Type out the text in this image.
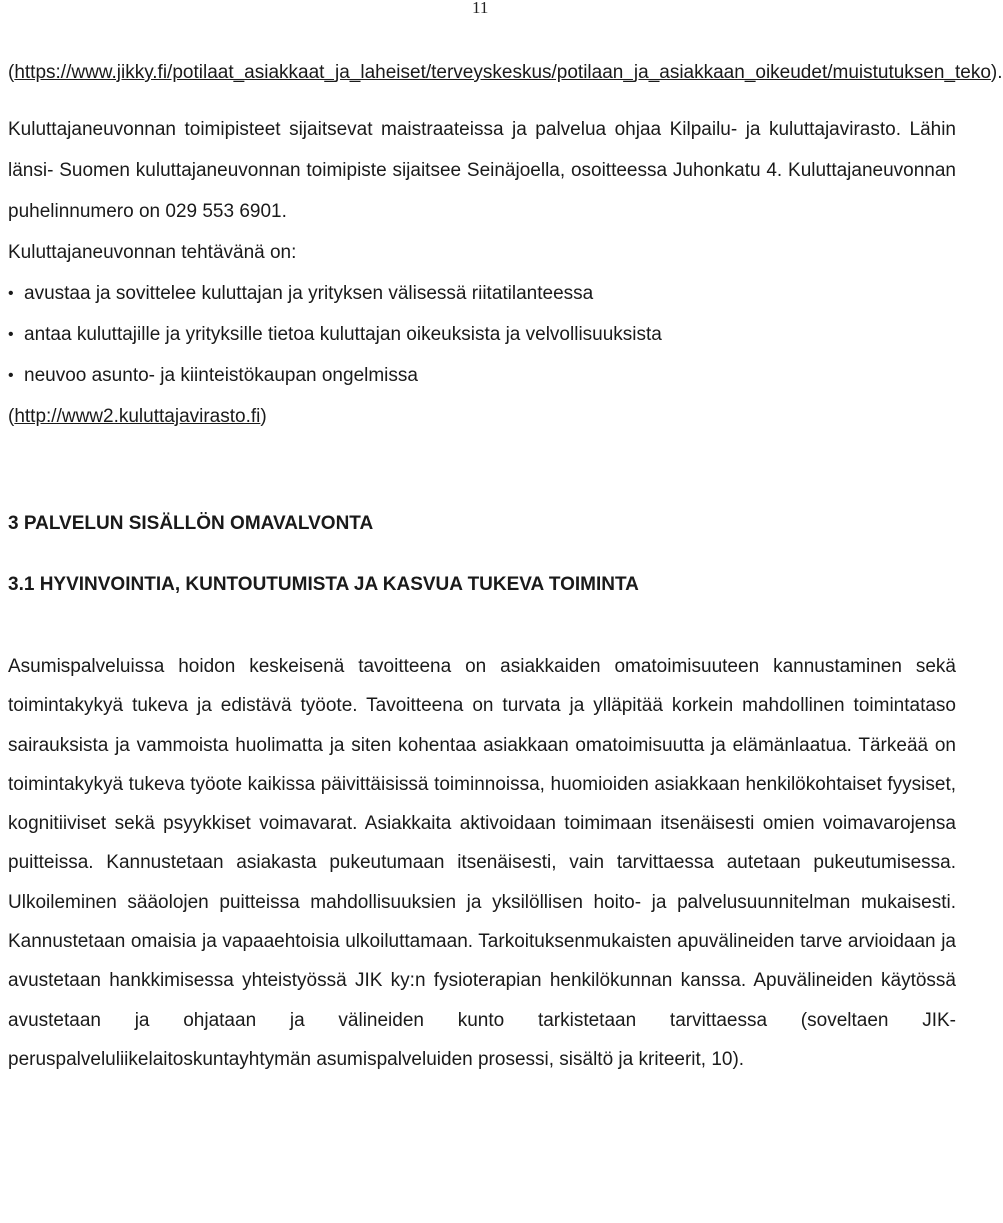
11
(https://www.jikky.fi/potilaat_asiakkaat_ja_laheiset/terveyskeskus/potilaan_ja_asiakkaan_oikeudet/muistutuksen_teko).

Kuluttajaneuvonnan toimipisteet sijaitsevat maistraateissa ja palvelua ohjaa Kilpailu- ja kuluttajavirasto. Lähin länsi- Suomen kuluttajaneuvonnan toimipiste sijaitsee Seinäjoella, osoitteessa Juhonkatu 4. Kuluttajaneuvonnan puhelinnumero on 029 553 6901.

Kuluttajaneuvonnan tehtävänä on:

• avustaa ja sovittelee kuluttajan ja yrityksen välisessä riitatilanteessa
• antaa kuluttajille ja yrityksille tietoa kuluttajan oikeuksista ja velvollisuuksista
• neuvoo asunto- ja kiinteistökaupan ongelmissa
(http://www2.kuluttajavirasto.fi)
3 PALVELUN SISÄLLÖN OMAVALVONTA
3.1 HYVINVOINTIA, KUNTOUTUMISTA JA KASVUA TUKEVA TOIMINTA

Asumispalveluissa hoidon keskeisenä tavoitteena on asiakkaiden omatoimisuuteen kannustaminen sekä toimintakykyä tukeva ja edistävä työote. Tavoitteena on turvata ja ylläpitää korkein mahdollinen toimintataso sairauksista ja vammoista huolimatta ja siten kohentaa asiakkaan omatoimisuutta ja elämänlaatua. Tärkeää on toimintakykyä tukeva työote kaikissa päivittäisissä toiminnoissa, huomioiden asiakkaan henkilökohtaiset fyysiset, kognitiiviset sekä psyykkiset voimavarat. Asiakkaita aktivoidaan toimimaan itsenäisesti omien voimavarojensa puitteissa. Kannustetaan asiakasta pukeutumaan itsenäisesti, vain tarvittaessa autetaan pukeutumisessa. Ulkoileminen sääolojen puitteissa mahdollisuuksien ja yksilöllisen hoito- ja palvelusuunnitelman mukaisesti. Kannustetaan omaisia ja vapaaehtoisia ulkoiluttamaan. Tarkoituksenmukaisten apuvälineiden tarve arvioidaan ja avustetaan hankkimisessa yhteistyössä JIK ky:n fysioterapian henkilökunnan kanssa. Apuvälineiden käytössä avustetaan ja ohjataan ja välineiden kunto tarkistetaan tarvittaessa (soveltaen JIK-peruspalveluliikelaitoskuntayhtymän asumispalveluiden prosessi, sisältö ja kriteerit, 10).
